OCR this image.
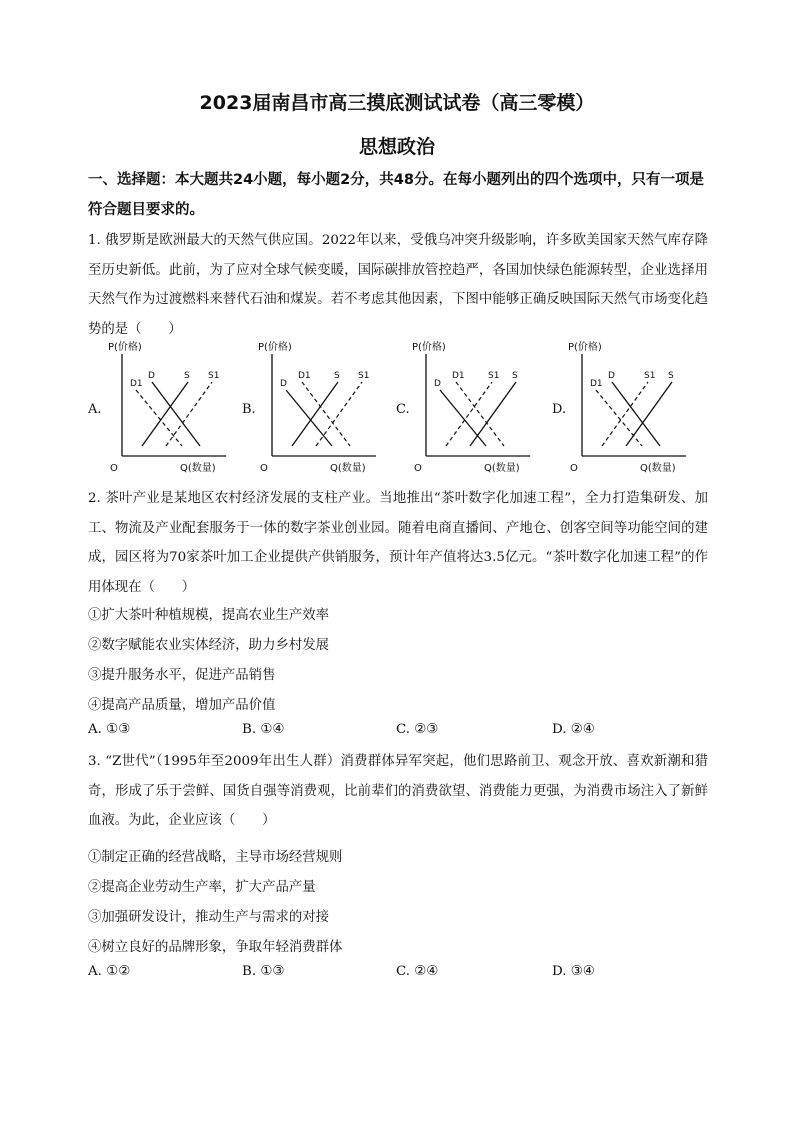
2023届南昌市高三摸底测试试卷（高三零模）
思想政治
一、选择题：本大题共24小题，每小题2分，共48分。在每小题列出的四个选项中，只有一项是符合题目要求的。
1. 俄罗斯是欧洲最大的天然气供应国。2022年以来，受俄乌冲突升级影响，许多欧美国家天然气库存降至历史新低。此前，为了应对全球气候变暖，国际碳排放管控趋严，各国加快绿色能源转型，企业选择用天然气作为过渡燃料来替代石油和煤炭。若不考虑其他因素，下图中能够正确反映国际天然气市场变化趋势的是（　　）
A.	B.	C.	D.
P(价格)
Q(数量)
O
D1
D	S S1
P(价格)
Q(数量)
O
D
D1	S S1
P(价格)
Q(数量)
O
D
D1	S1 S
P(价格)
Q(数量)
O
D1
D	S1 S
2. 茶叶产业是某地区农村经济发展的支柱产业。当地推出“茶叶数字化加速工程”，全力打造集研发、加工、物流及产业配套服务于一体的数字茶业创业园。随着电商直播间、产地仓、创客空间等功能空间的建成，园区将为70家茶叶加工企业提供产供销服务，预计年产值将达3.5亿元。“茶叶数字化加速工程”的作用体现在（　　）
①扩大茶叶种植规模，提高农业生产效率
②数字赋能农业实体经济，助力乡村发展
③提升服务水平，促进产品销售
④提高产品质量，增加产品价值
A. ①③	B. ①④	C. ②③	D. ②④
3. “Z世代”（1995年至2009年出生人群）消费群体异军突起，他们思路前卫、观念开放、喜欢新潮和猎奇，形成了乐于尝鲜、国货自强等消费观，比前辈们的消费欲望、消费能力更强，为消费市场注入了新鲜血液。为此，企业应该（　　）
①制定正确的经营战略，主导市场经营规则
②提高企业劳动生产率，扩大产品产量
③加强研发设计，推动生产与需求的对接
④树立良好的品牌形象，争取年轻消费群体
A. ①②	B. ①③	C. ②④	D. ③④
